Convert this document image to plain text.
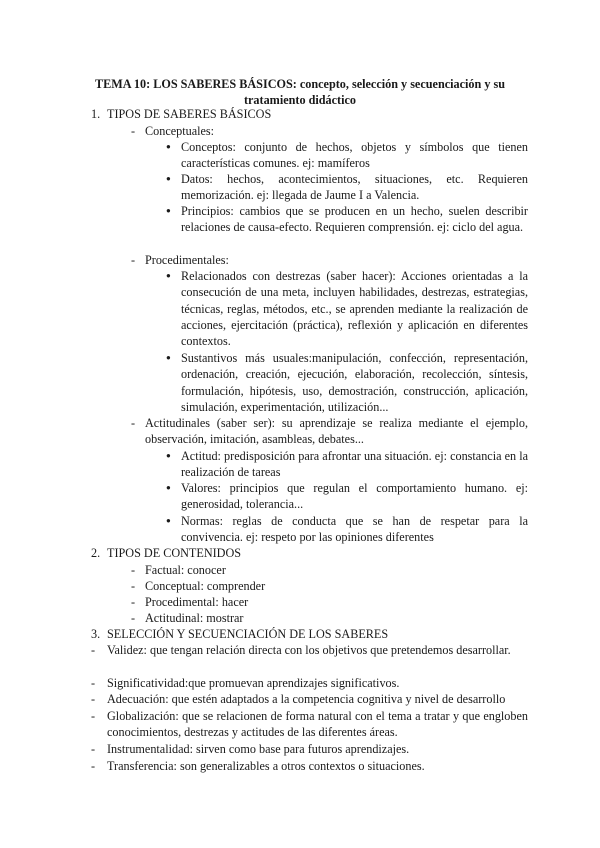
TEMA 10: LOS SABERES BÁSICOS: concepto, selección y secuenciación y su tratamiento didáctico
1. TIPOS DE SABERES BÁSICOS
- Conceptuales:
● Conceptos: conjunto de hechos, objetos y símbolos que tienen características comunes. ej: mamíferos
● Datos: hechos, acontecimientos, situaciones, etc. Requieren memorización. ej: llegada de Jaume I a Valencia.
● Principios: cambios que se producen en un hecho, suelen describir relaciones de causa-efecto. Requieren comprensión. ej: ciclo del agua.
- Procedimentales:
● Relacionados con destrezas (saber hacer): Acciones orientadas a la consecución de una meta, incluyen habilidades, destrezas, estrategias, técnicas, reglas, métodos, etc., se aprenden mediante la realización de acciones, ejercitación (práctica), reflexión y aplicación en diferentes contextos.
● Sustantivos más usuales:manipulación, confección, representación, ordenación, creación, ejecución, elaboración, recolección, síntesis, formulación, hipótesis, uso, demostración, construcción, aplicación, simulación, experimentación, utilización...
- Actitudinales (saber ser): su aprendizaje se realiza mediante el ejemplo, observación, imitación, asambleas, debates...
● Actitud: predisposición para afrontar una situación. ej: constancia en la realización de tareas
● Valores: principios que regulan el comportamiento humano. ej: generosidad, tolerancia...
● Normas: reglas de conducta que se han de respetar para la convivencia. ej: respeto por las opiniones diferentes
2. TIPOS DE CONTENIDOS
- Factual: conocer
- Conceptual: comprender
- Procedimental: hacer
- Actitudinal: mostrar
3. SELECCIÓN Y SECUENCIACIÓN DE LOS SABERES
- Validez: que tengan relación directa con los objetivos que pretendemos desarrollar.
- Significatividad:que promuevan aprendizajes significativos.
- Adecuación: que estén adaptados a la competencia cognitiva y nivel de desarrollo
- Globalización: que se relacionen de forma natural con el tema a tratar y que engloben conocimientos, destrezas y actitudes de las diferentes áreas.
- Instrumentalidad: sirven como base para futuros aprendizajes.
- Transferencia: son generalizables a otros contextos o situaciones.
